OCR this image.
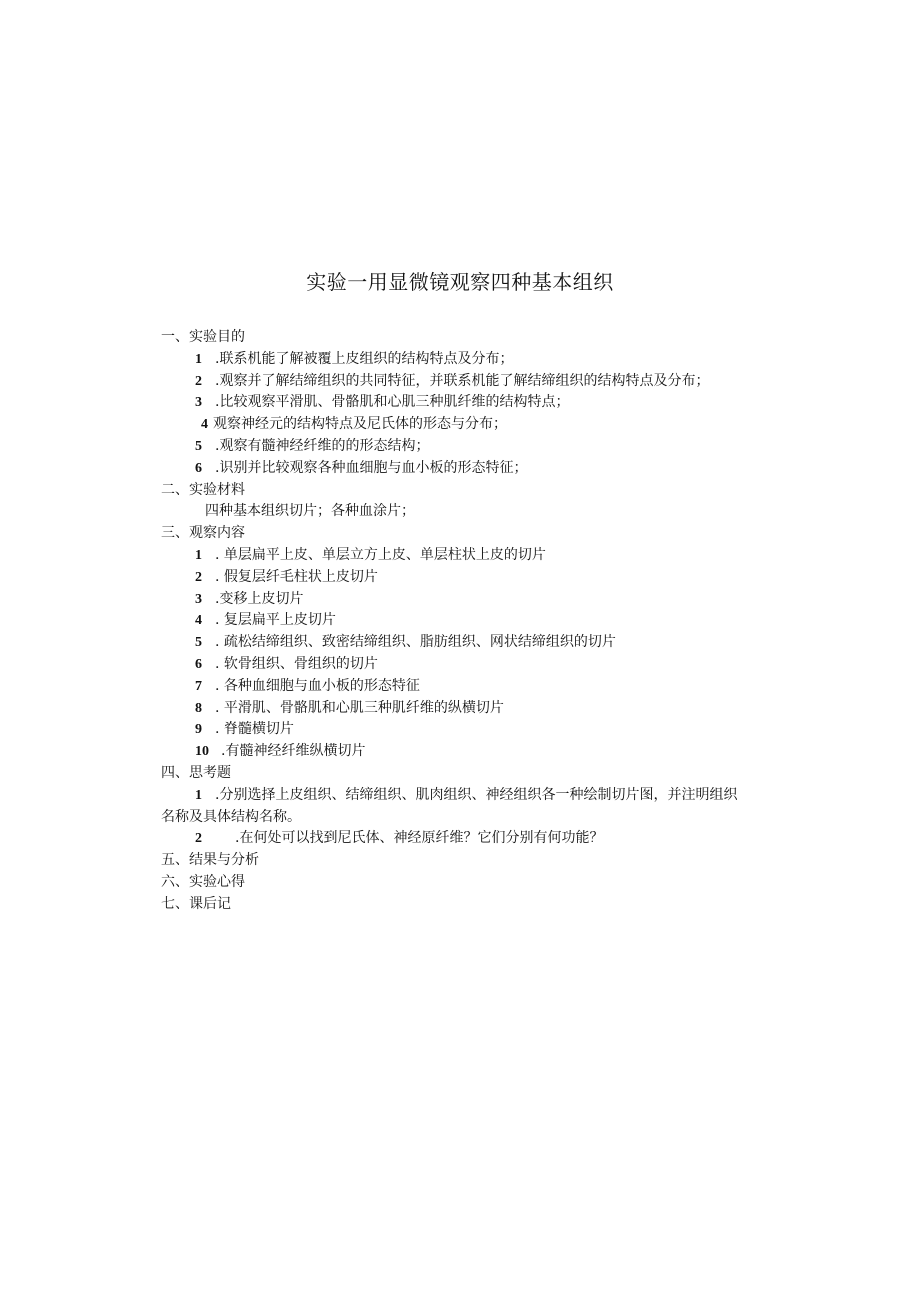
实验一用显微镜观察四种基本组织
一、实验目的
1 .联系机能了解被覆上皮组织的结构特点及分布；
2 .观察并了解结缔组织的共同特征，并联系机能了解结缔组织的结构特点及分布；
3 .比较观察平滑肌、骨骼肌和心肌三种肌纤维的结构特点；
4 观察神经元的结构特点及尼氏体的形态与分布；
5 .观察有髓神经纤维的的形态结构；
6 .识别并比较观察各种血细胞与血小板的形态特征；
二、实验材料
四种基本组织切片；各种血涂片；
三、观察内容
1 . 单层扁平上皮、单层立方上皮、单层柱状上皮的切片
2 . 假复层纤毛柱状上皮切片
3 .变移上皮切片
4 . 复层扁平上皮切片
5 . 疏松结缔组织、致密结缔组织、脂肪组织、网状结缔组织的切片
6 . 软骨组织、骨组织的切片
7 . 各种血细胞与血小板的形态特征
8 . 平滑肌、骨骼肌和心肌三种肌纤维的纵横切片
9 . 脊髓横切片
10 .有髓神经纤维纵横切片
四、思考题
1 .分别选择上皮组织、结缔组织、肌肉组织、神经组织各一种绘制切片图，并注明组织
名称及具体结构名称。
2 .在何处可以找到尼氏体、神经原纤维？它们分别有何功能？
五、结果与分析
六、实验心得
七、课后记
